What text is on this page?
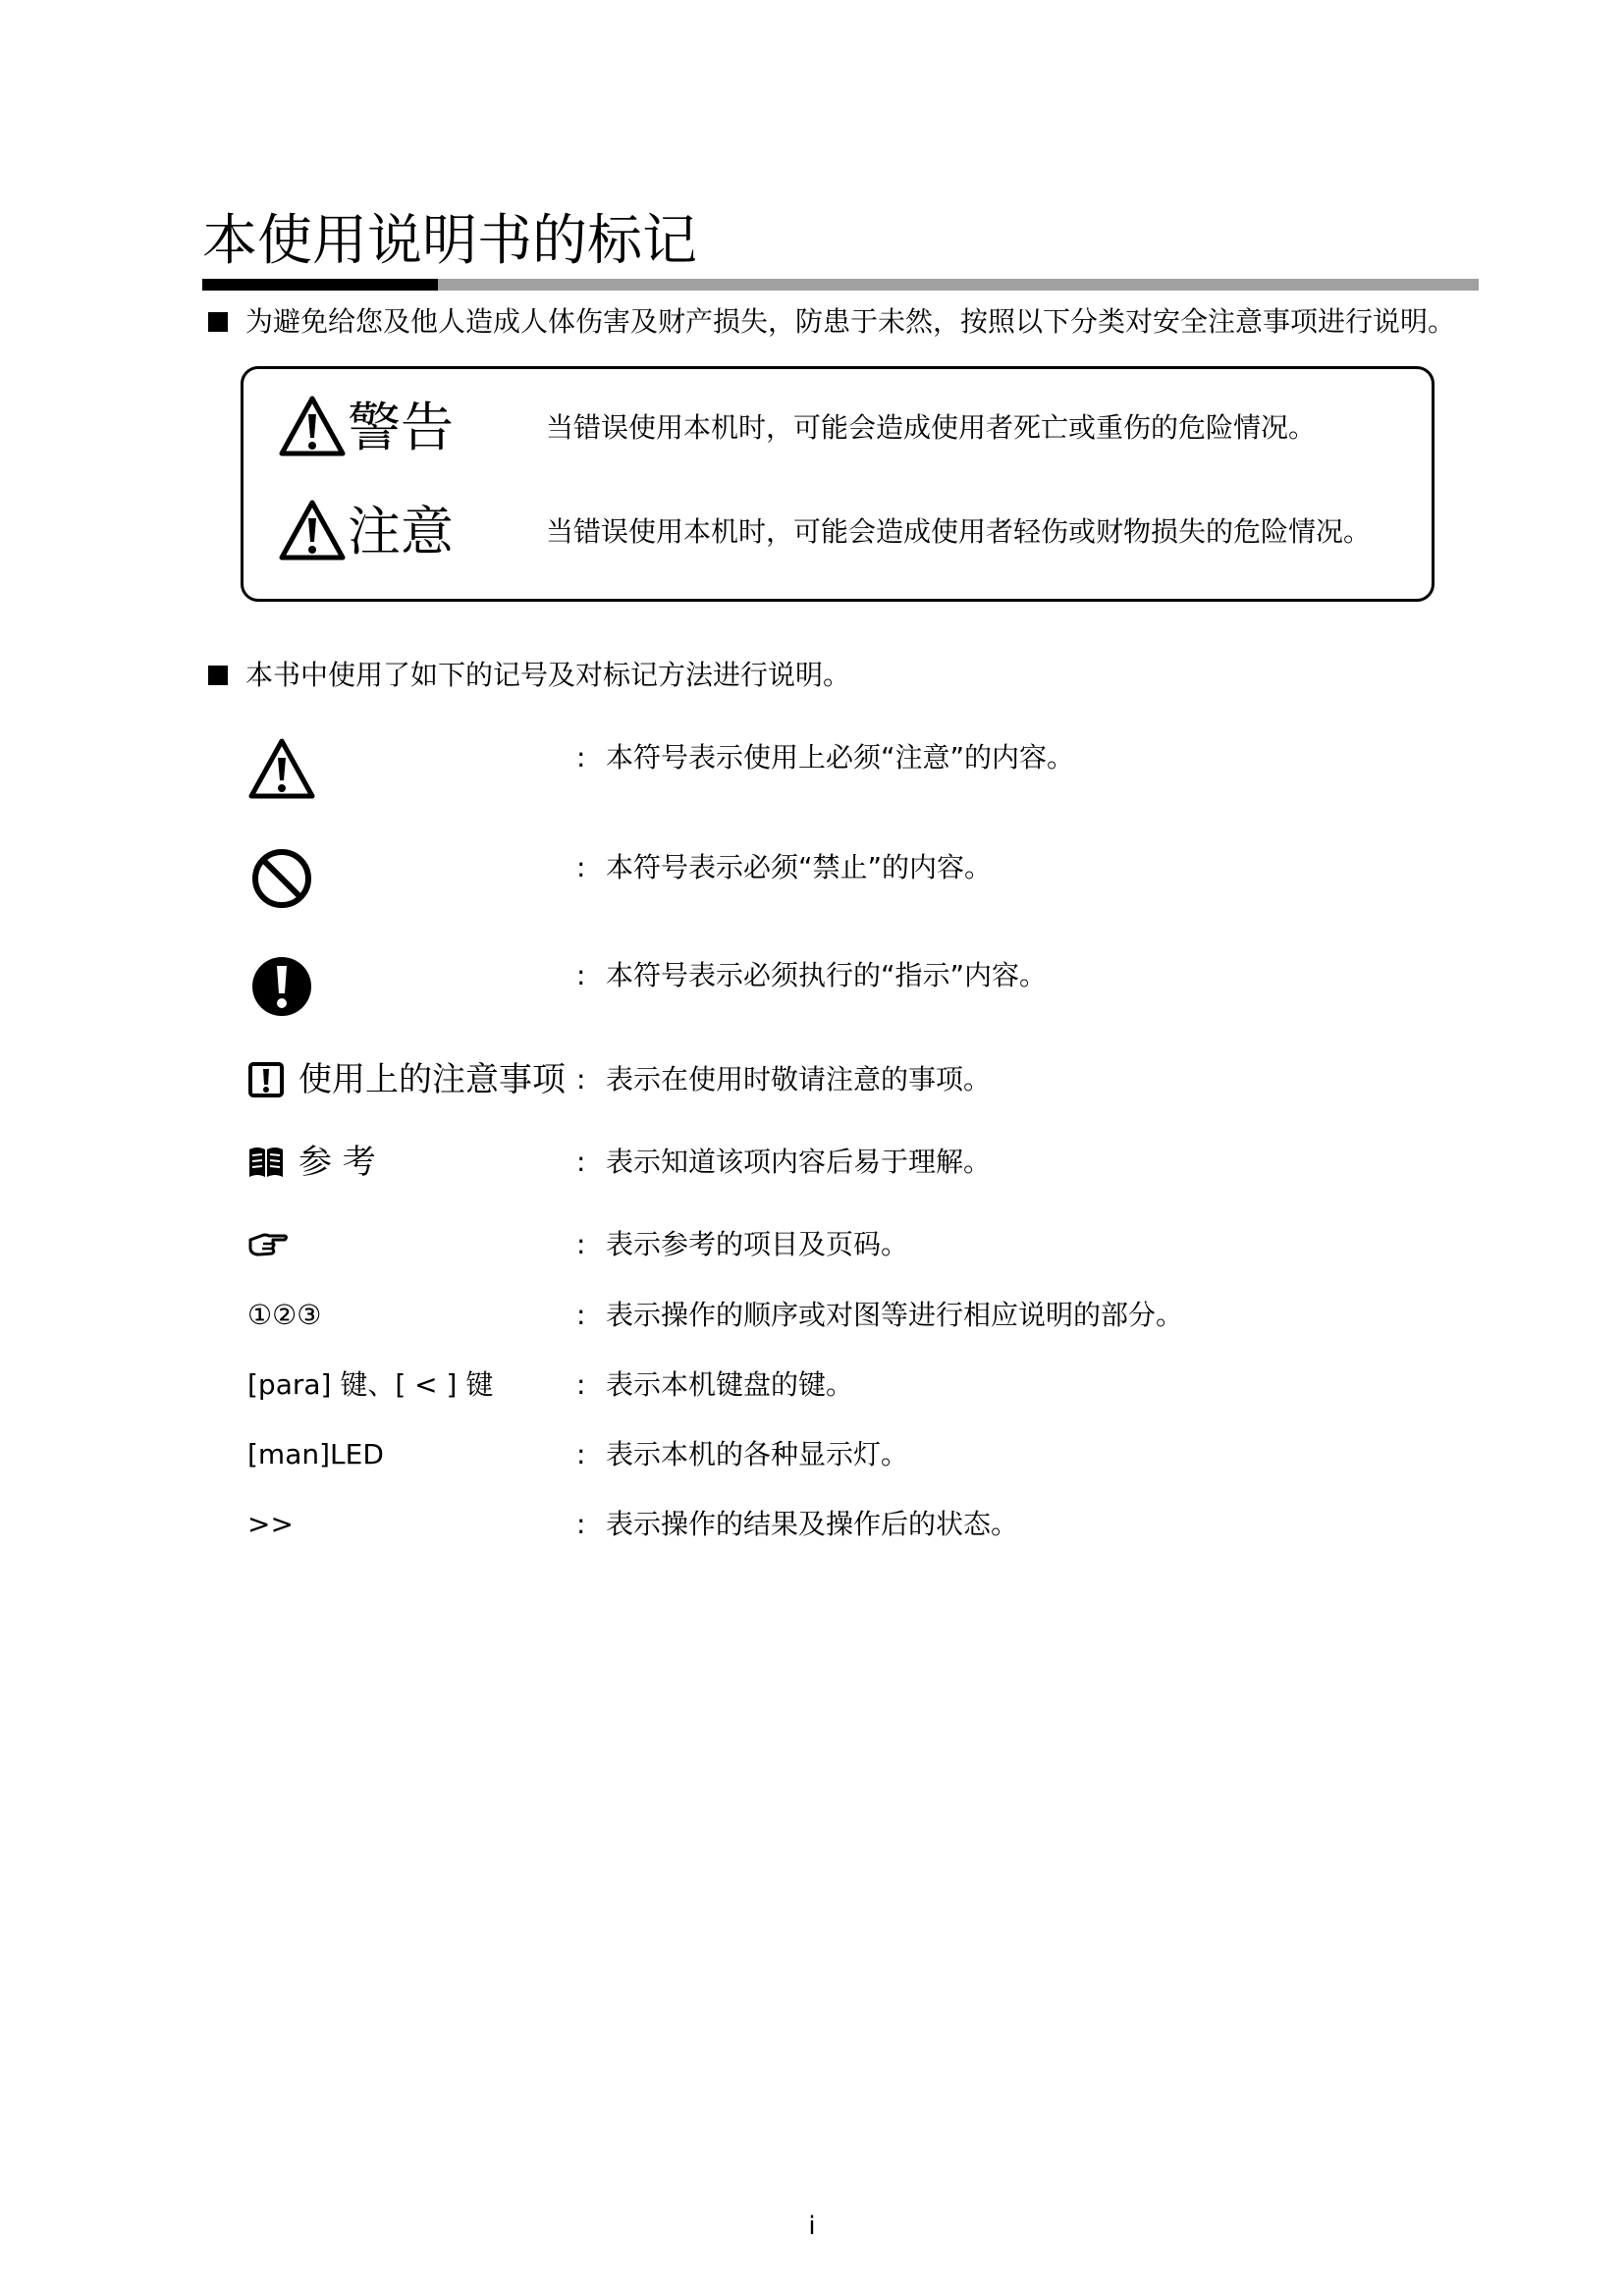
本使用说明书的标记
为避免给您及他人造成人体伤害及财产损失，防患于未然，按照以下分类对安全注意事项进行说明。
警告	当错误使用本机时，可能会造成使用者死亡或重伤的危险情况。
注意	当错误使用本机时，可能会造成使用者轻伤或财物损失的危险情况。
本书中使用了如下的记号及对标记方法进行说明。
: 本符号表示使用上必须“注意”的内容。
: 本符号表示必须“禁止”的内容。
: 本符号表示必须执行的“指示”内容。
使用上的注意事项 : 表示在使用时敬请注意的事项。
参 考	: 表示知道该项内容后易于理解。
: 表示参考的项目及页码。
①②③	: 表示操作的顺序或对图等进行相应说明的部分。
[para] 键、[ < ] 键	: 表示本机键盘的键。
[man]LED	: 表示本机的各种显示灯。
>>	: 表示操作的结果及操作后的状态。
i
